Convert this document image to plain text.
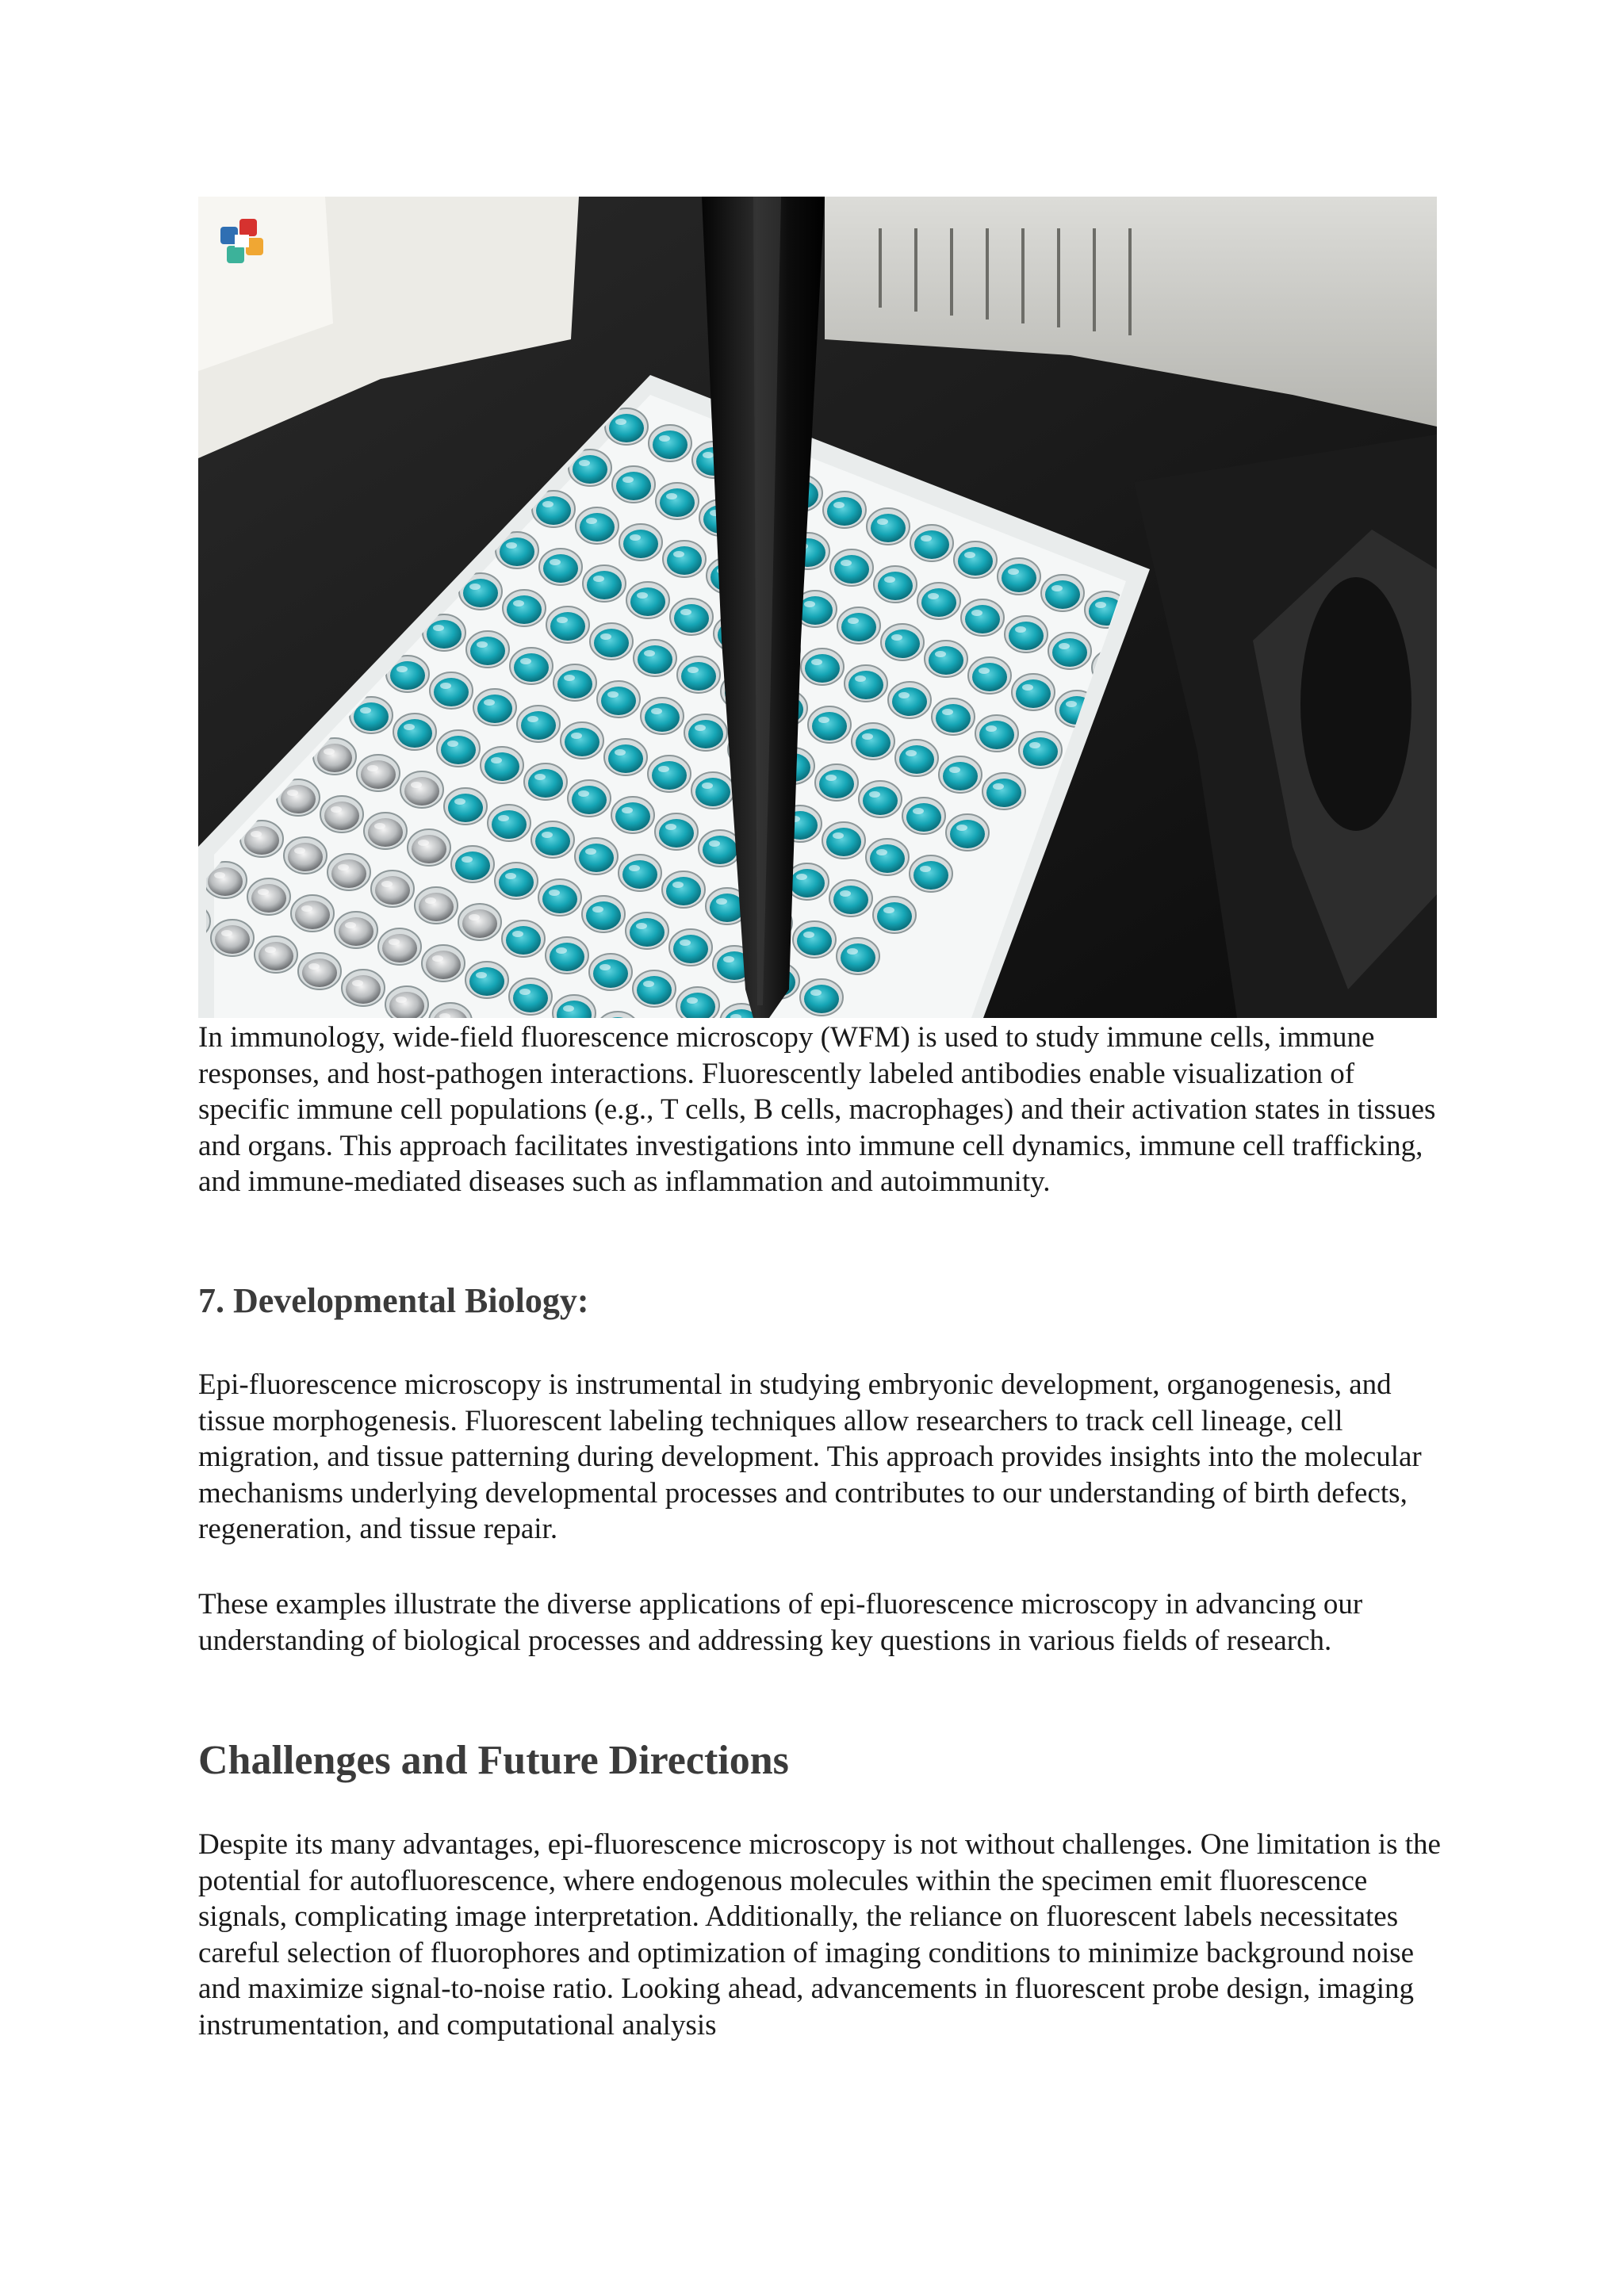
In immunology, wide-field fluorescence microscopy (WFM) is used to study immune cells, immune responses, and host-pathogen interactions. Fluorescently labeled antibodies enable visualization of specific immune cell populations (e.g., T cells, B cells, macrophages) and their activation states in tissues and organs. This approach facilitates investigations into immune cell dynamics, immune cell trafficking, and immune-mediated diseases such as inflammation and autoimmunity.

7. Developmental Biology:

Epi-fluorescence microscopy is instrumental in studying embryonic development, organogenesis, and tissue morphogenesis. Fluorescent labeling techniques allow researchers to track cell lineage, cell migration, and tissue patterning during development. This approach provides insights into the molecular mechanisms underlying developmental processes and contributes to our understanding of birth defects, regeneration, and tissue repair.

These examples illustrate the diverse applications of epi-fluorescence microscopy in advancing our understanding of biological processes and addressing key questions in various fields of research.

Challenges and Future Directions

Despite its many advantages, epi-fluorescence microscopy is not without challenges. One limitation is the potential for autofluorescence, where endogenous molecules within the specimen emit fluorescence signals, complicating image interpretation. Additionally, the reliance on fluorescent labels necessitates careful selection of fluorophores and optimization of imaging conditions to minimize background noise and maximize signal-to-noise ratio. Looking ahead, advancements in fluorescent probe design, imaging instrumentation, and computational analysis
